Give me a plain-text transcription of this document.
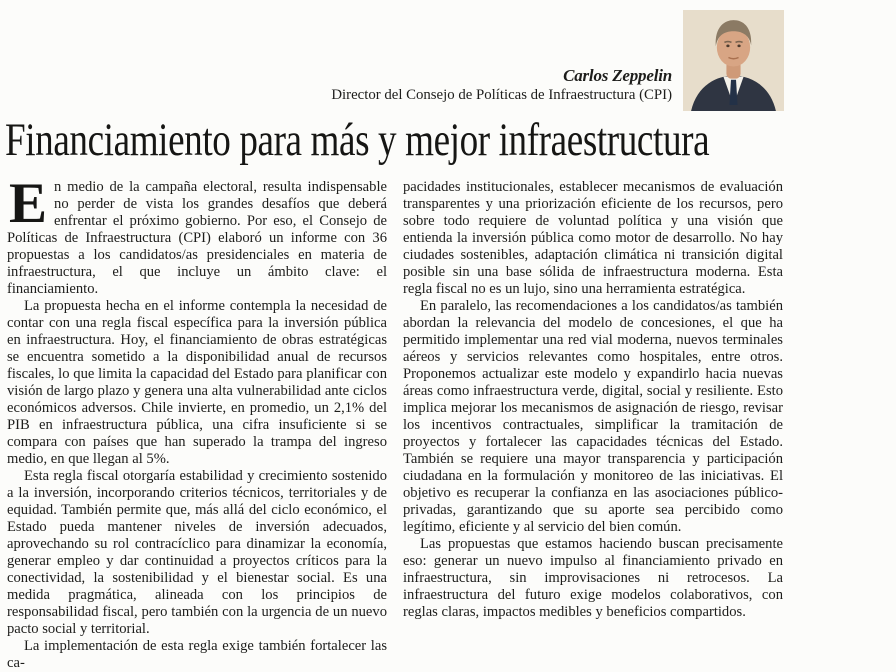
Carlos Zeppelin
Director del Consejo de Políticas de Infraestructura (CPI)
Financiamiento para más y mejor infraestructura

En medio de la campaña electoral, resulta indispensable no perder de vista los grandes desafíos que deberá enfrentar el próximo gobierno. Por eso, el Consejo de Políticas de Infraestructura (CPI) elaboró un informe con 36 propuestas a los candidatos/as presidenciales en materia de infraestructura, el que incluye un ámbito clave: el financiamiento.

La propuesta hecha en el informe contempla la necesidad de contar con una regla fiscal específica para la inversión pública en infraestructura. Hoy, el financiamiento de obras estratégicas se encuentra sometido a la disponibilidad anual de recursos fiscales, lo que limita la capacidad del Estado para planificar con visión de largo plazo y genera una alta vulnerabilidad ante ciclos económicos adversos. Chile invierte, en promedio, un 2,1% del PIB en infraestructura pública, una cifra insuficiente si se compara con países que han superado la trampa del ingreso medio, en que llegan al 5%.

Esta regla fiscal otorgaría estabilidad y crecimiento sostenido a la inversión, incorporando criterios técnicos, territoriales y de equidad. También permite que, más allá del ciclo económico, el Estado pueda mantener niveles de inversión adecuados, aprovechando su rol contracíclico para dinamizar la economía, generar empleo y dar continuidad a proyectos críticos para la conectividad, la sostenibilidad y el bienestar social. Es una medida pragmática, alineada con los principios de responsabilidad fiscal, pero también con la urgencia de un nuevo pacto social y territorial.

La implementación de esta regla exige también fortalecer las ca-

pacidades institucionales, establecer mecanismos de evaluación transparentes y una priorización eficiente de los recursos, pero sobre todo requiere de voluntad política y una visión que entienda la inversión pública como motor de desarrollo. No hay ciudades sostenibles, adaptación climática ni transición digital posible sin una base sólida de infraestructura moderna. Esta regla fiscal no es un lujo, sino una herramienta estratégica.

En paralelo, las recomendaciones a los candidatos/as también abordan la relevancia del modelo de concesiones, el que ha permitido implementar una red vial moderna, nuevos terminales aéreos y servicios relevantes como hospitales, entre otros. Proponemos actualizar este modelo y expandirlo hacia nuevas áreas como infraestructura verde, digital, social y resiliente. Esto implica mejorar los mecanismos de asignación de riesgo, revisar los incentivos contractuales, simplificar la tramitación de proyectos y fortalecer las capacidades técnicas del Estado. También se requiere una mayor transparencia y participación ciudadana en la formulación y monitoreo de las iniciativas. El objetivo es recuperar la confianza en las asociaciones público-privadas, garantizando que su aporte sea percibido como legítimo, eficiente y al servicio del bien común.

Las propuestas que estamos haciendo buscan precisamente eso: generar un nuevo impulso al financiamiento privado en infraestructura, sin improvisaciones ni retrocesos. La infraestructura del futuro exige modelos colaborativos, con reglas claras, impactos medibles y beneficios compartidos.
